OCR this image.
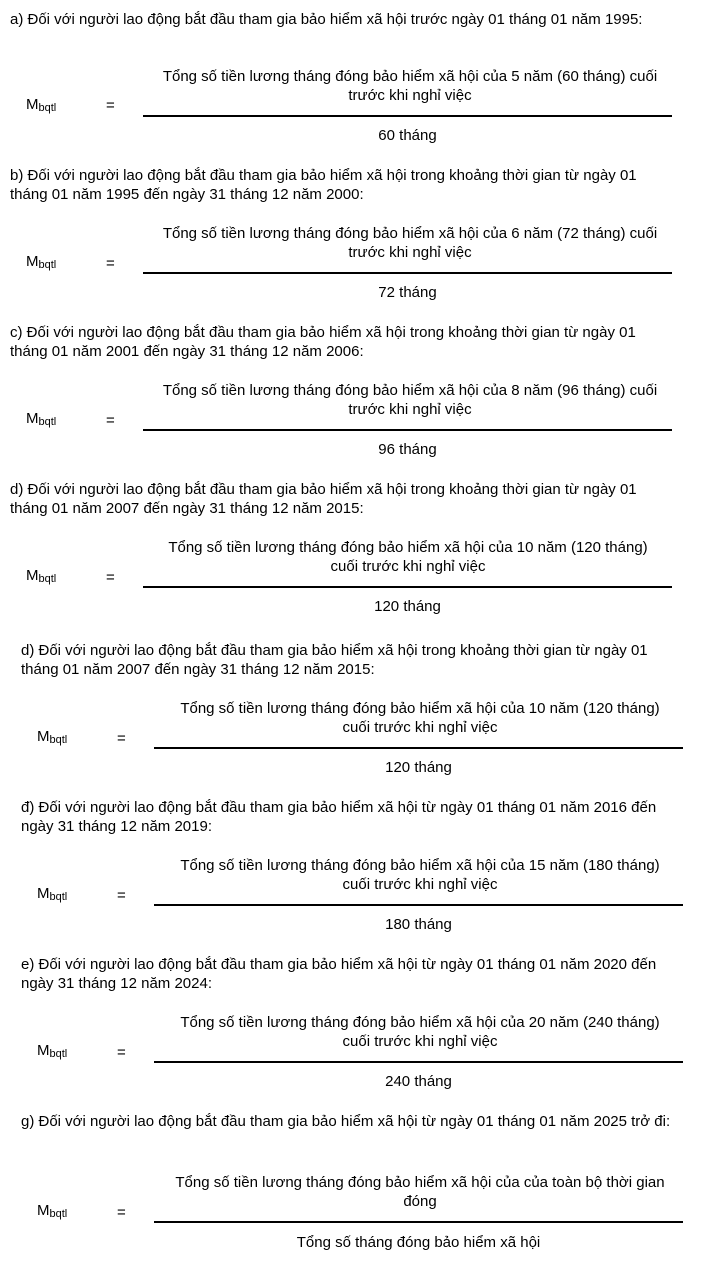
a) Đối với người lao động bắt đầu tham gia bảo hiểm xã hội trước ngày 01 tháng 01 năm 1995:
$M_{bqtl}$	=
Tổng số tiền lương tháng đóng bảo hiểm xã hội của 5 năm (60 tháng) cuối trước khi nghỉ việc
60 tháng
b) Đối với người lao động bắt đầu tham gia bảo hiểm xã hội trong khoảng thời gian từ ngày 01 tháng 01 năm 1995 đến ngày 31 tháng 12 năm 2000:
$M_{bqtl}$	=
Tổng số tiền lương tháng đóng bảo hiểm xã hội của 6 năm (72 tháng) cuối trước khi nghỉ việc
72 tháng
c) Đối với người lao động bắt đầu tham gia bảo hiểm xã hội trong khoảng thời gian từ ngày 01 tháng 01 năm 2001 đến ngày 31 tháng 12 năm 2006:
$M_{bqtl}$	=
Tổng số tiền lương tháng đóng bảo hiểm xã hội của 8 năm (96 tháng) cuối trước khi nghỉ việc
96 tháng
d) Đối với người lao động bắt đầu tham gia bảo hiểm xã hội trong khoảng thời gian từ ngày 01 tháng 01 năm 2007 đến ngày 31 tháng 12 năm 2015:
$M_{bqtl}$	=
Tổng số tiền lương tháng đóng bảo hiểm xã hội của 10 năm (120 tháng) cuối trước khi nghỉ việc
120 tháng
d) Đối với người lao động bắt đầu tham gia bảo hiểm xã hội trong khoảng thời gian từ ngày 01 tháng 01 năm 2007 đến ngày 31 tháng 12 năm 2015:
$M_{bqtl}$	=
Tổng số tiền lương tháng đóng bảo hiểm xã hội của 10 năm (120 tháng) cuối trước khi nghỉ việc
120 tháng
đ) Đối với người lao động bắt đầu tham gia bảo hiểm xã hội từ ngày 01 tháng 01 năm 2016 đến ngày 31 tháng 12 năm 2019:
$M_{bqtl}$	=
Tổng số tiền lương tháng đóng bảo hiểm xã hội của 15 năm (180 tháng) cuối trước khi nghỉ việc
180 tháng
e) Đối với người lao động bắt đầu tham gia bảo hiểm xã hội từ ngày 01 tháng 01 năm 2020 đến ngày 31 tháng 12 năm 2024:
$M_{bqtl}$	=
Tổng số tiền lương tháng đóng bảo hiểm xã hội của 20 năm (240 tháng) cuối trước khi nghỉ việc
240 tháng
g) Đối với người lao động bắt đầu tham gia bảo hiểm xã hội từ ngày 01 tháng 01 năm 2025 trở đi:
$M_{bqtl}$	=
Tổng số tiền lương tháng đóng bảo hiểm xã hội của của toàn bộ thời gian đóng
Tổng số tháng đóng bảo hiểm xã hội
